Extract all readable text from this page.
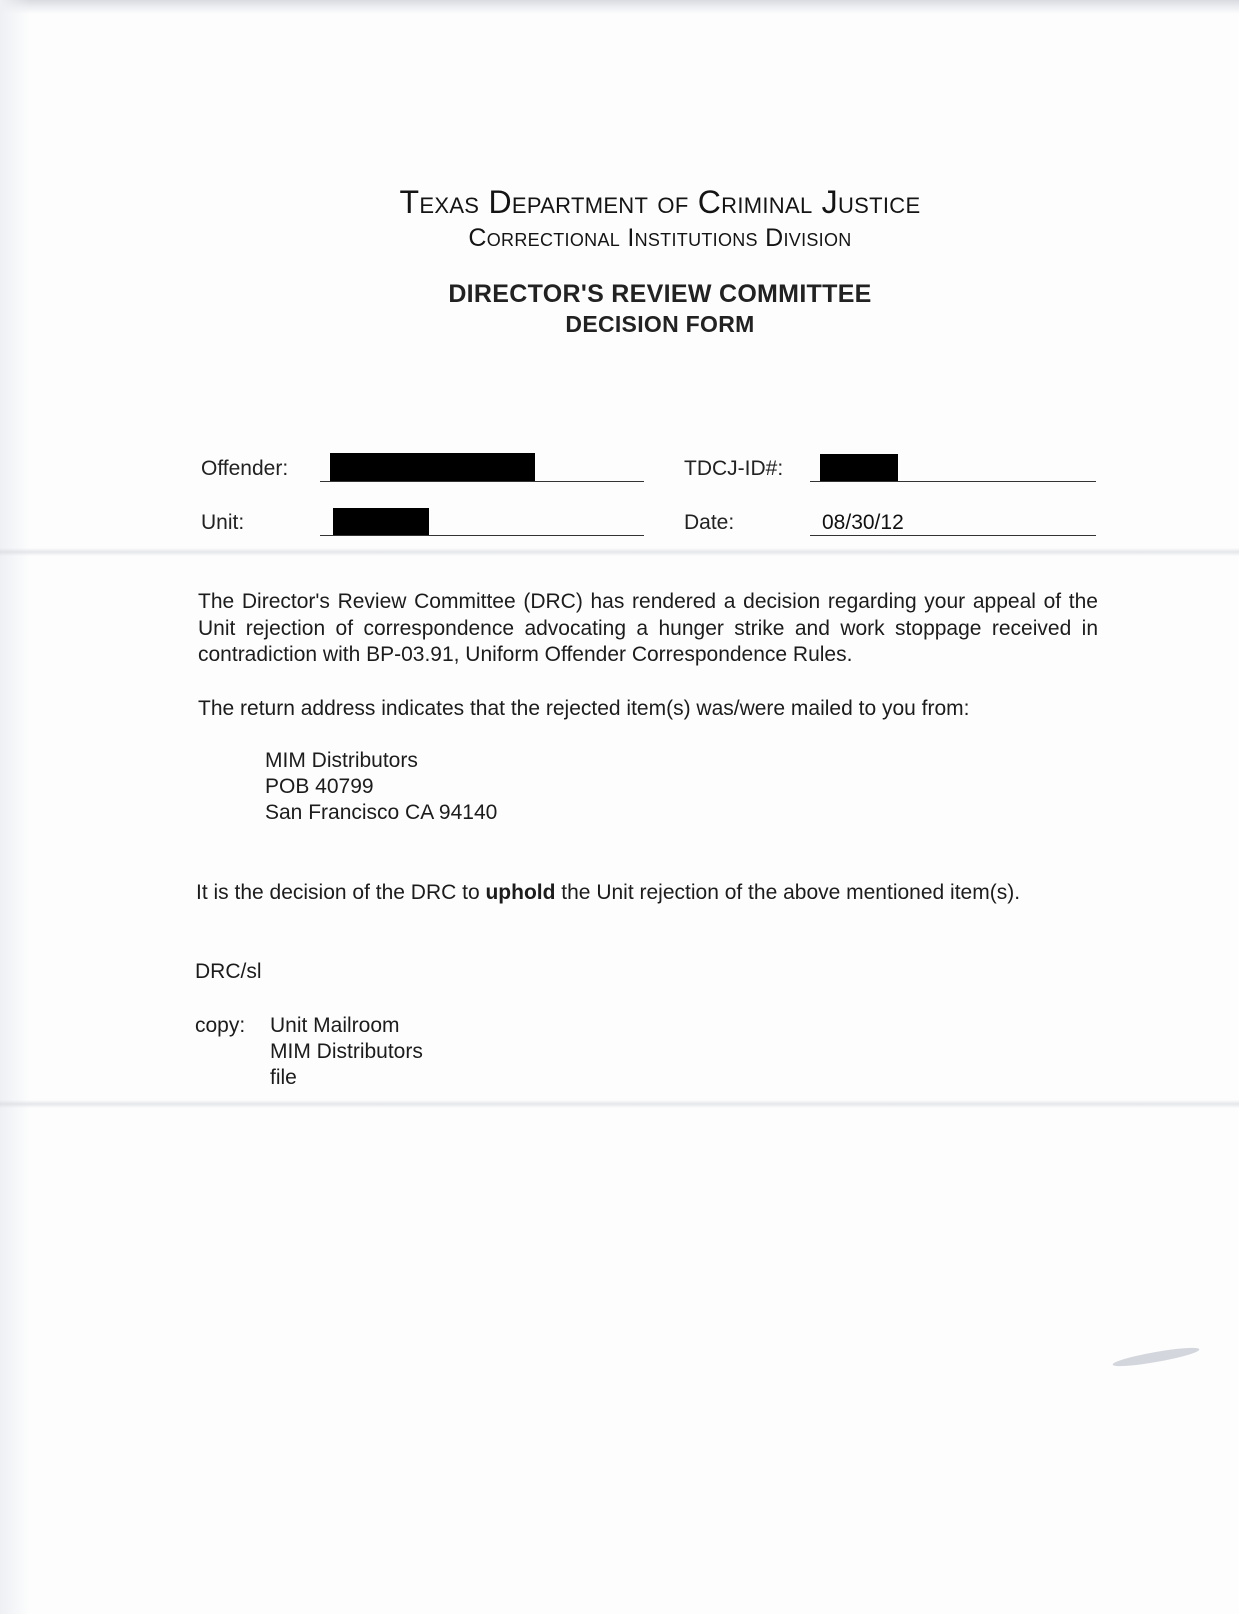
Texas Department of Criminal Justice
Correctional Institutions Division
DIRECTOR'S REVIEW COMMITTEE
DECISION FORM
Offender:	TDCJ-ID#:
Unit:	Date:	08/30/12

The Director's Review Committee (DRC) has rendered a decision regarding your appeal of the Unit rejection of correspondence advocating a hunger strike and work stoppage received in contradiction with BP-03.91, Uniform Offender Correspondence Rules.

The return address indicates that the rejected item(s) was/were mailed to you from:

MIM Distributors

POB 40799

San Francisco CA 94140

It is the decision of the DRC to uphold the Unit rejection of the above mentioned item(s).

DRC/sl

copy: Unit Mailroom

MIM Distributors

file
